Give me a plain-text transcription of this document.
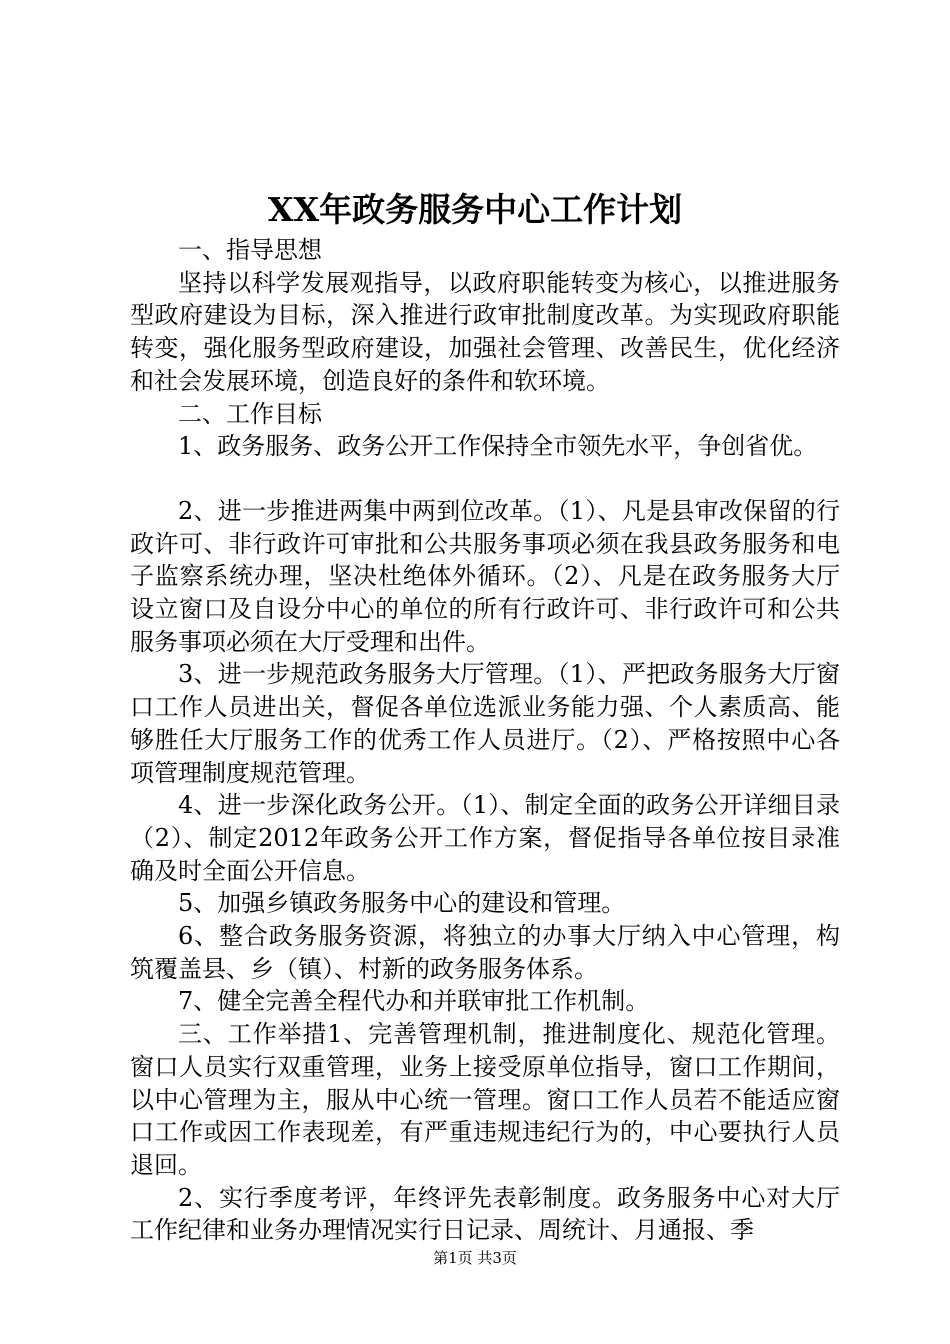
XX年政务服务中心工作计划

一、指导思想

坚持以科学发展观指导，以政府职能转变为核心，以推进服务型政府建设为目标，深入推进行政审批制度改革。为实现政府职能转变，强化服务型政府建设，加强社会管理、改善民生，优化经济和社会发展环境，创造良好的条件和软环境。

二、工作目标

1、政务服务、政务公开工作保持全市领先水平，争创省优。

2、进一步推进两集中两到位改革。（1）、凡是县审改保留的行政许可、非行政许可审批和公共服务事项必须在我县政务服务和电子监察系统办理，坚决杜绝体外循环。（2）、凡是在政务服务大厅设立窗口及自设分中心的单位的所有行政许可、非行政许可和公共服务事项必须在大厅受理和出件。

3、进一步规范政务服务大厅管理。（1）、严把政务服务大厅窗口工作人员进出关，督促各单位选派业务能力强、个人素质高、能够胜任大厅服务工作的优秀工作人员进厅。（2）、严格按照中心各项管理制度规范管理。

4、进一步深化政务公开。（1）、制定全面的政务公开详细目录（2）、制定2012年政务公开工作方案，督促指导各单位按目录准确及时全面公开信息。

5、加强乡镇政务服务中心的建设和管理。

6、整合政务服务资源，将独立的办事大厅纳入中心管理，构筑覆盖县、乡（镇）、村新的政务服务体系。

7、健全完善全程代办和并联审批工作机制。

三、工作举措1、完善管理机制，推进制度化、规范化管理。窗口人员实行双重管理，业务上接受原单位指导，窗口工作期间，以中心管理为主，服从中心统一管理。窗口工作人员若不能适应窗口工作或因工作表现差，有严重违规违纪行为的，中心要执行人员退回。

2、实行季度考评，年终评先表彰制度。政务服务中心对大厅工作纪律和业务办理情况实行日记录、周统计、月通报、季

第1页 共3页
